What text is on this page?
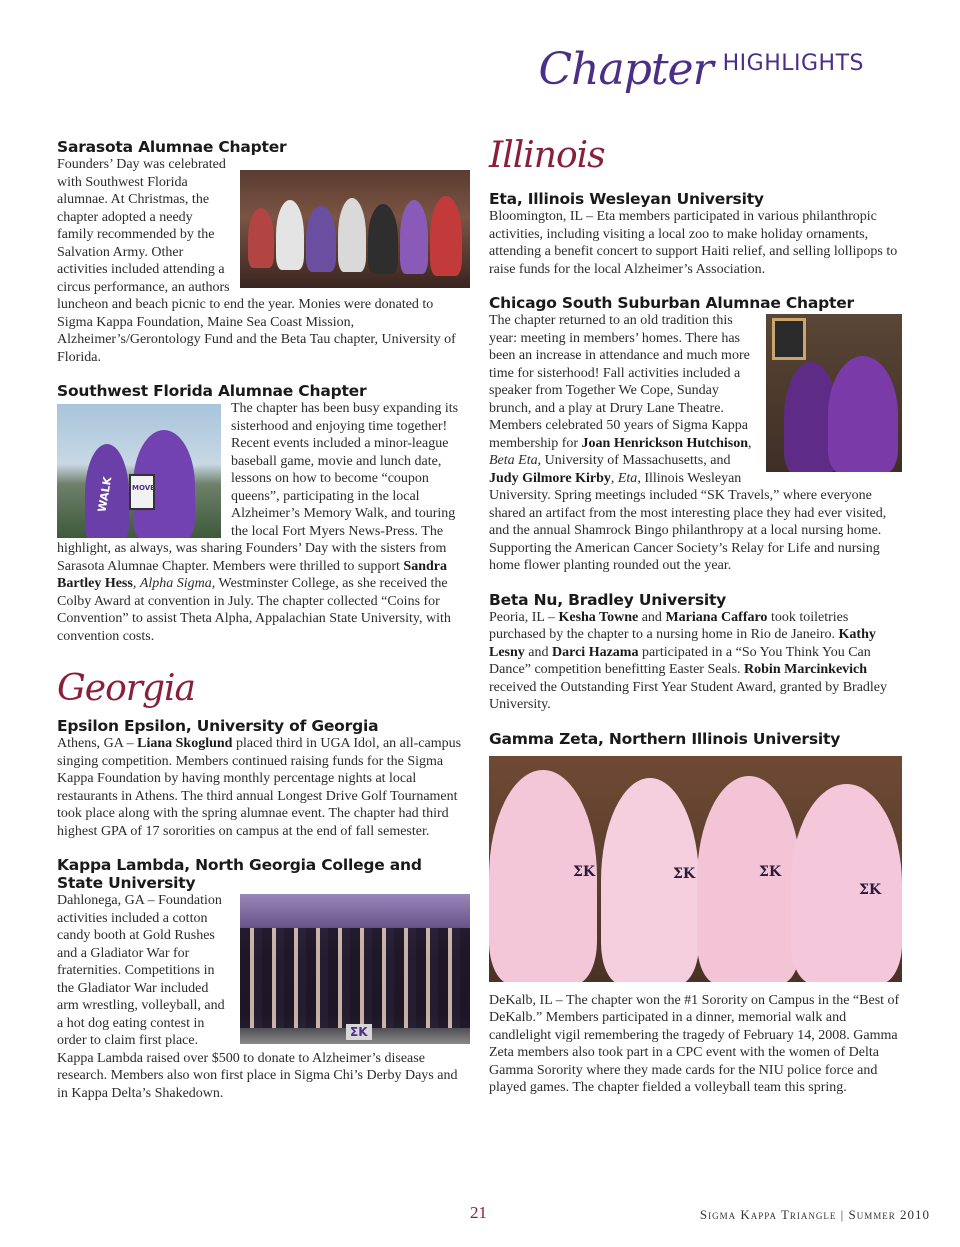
Chapter HIGHLIGHTS
Sarasota Alumnae Chapter

Founders’ Day was celebrated with Southwest Florida alumnae. At Christmas, the chapter adopted a needy family recommended by the Salvation Army. Other activities included attending a circus performance, an authors luncheon and beach picnic to end the year. Monies were donated to Sigma Kappa Foundation, Maine Sea Coast Mission, Alzheimer’s/Gerontology Fund and the Beta Tau chapter, University of Florida.

Southwest Florida Alumnae Chapter
WALK	MOVE

The chapter has been busy expanding its sisterhood and enjoying time together! Recent events included a minor-league baseball game, movie and lunch date, lessons on how to become “coupon queens”, participating in the local Alzheimer’s Memory Walk, and touring the local Fort Myers News-Press. The highlight, as always, was sharing Founders’ Day with the sisters from Sarasota Alumnae Chapter. Members were thrilled to support Sandra Bartley Hess, Alpha Sigma, Westminster College, as she received the Colby Award at convention in July. The chapter collected “Coins for Convention” to assist Theta Alpha, Appalachian State University, with convention costs.

Georgia
Epsilon Epsilon, University of Georgia

Athens, GA – Liana Skoglund placed third in UGA Idol, an all-campus singing competition. Members continued raising funds for the Sigma Kappa Foundation by having monthly percentage nights at local restaurants in Athens. The third annual Longest Drive Golf Tournament took place along with the spring alumnae event. The chapter had third highest GPA of 17 sororities on campus at the end of fall semester.

Kappa Lambda, North Georgia College and State University
ΣK

Dahlonega, GA – Foundation activities included a cotton candy booth at Gold Rushes and a Gladiator War for fraternities. Competitions in the Gladiator War included arm wrestling, volleyball, and a hot dog eating contest in order to claim first place. Kappa Lambda raised over $500 to donate to Alzheimer’s disease research. Members also won first place in Sigma Chi’s Derby Days and in Kappa Delta’s Shakedown.

Illinois
Eta, Illinois Wesleyan University

Bloomington, IL – Eta members participated in various philanthropic activities, including visiting a local zoo to make holiday ornaments, attending a benefit concert to support Haiti relief, and selling lollipops to raise funds for the local Alzheimer’s Association.

Chicago South Suburban Alumnae Chapter

The chapter returned to an old tradition this year: meeting in members’ homes. There has been an increase in attendance and much more time for sisterhood! Fall activities included a speaker from Together We Cope, Sunday brunch, and a play at Drury Lane Theatre. Members celebrated 50 years of Sigma Kappa membership for Joan Henrickson Hutchison, Beta Eta, University of Massachusetts, and Judy Gilmore Kirby, Eta, Illinois Wesleyan University. Spring meetings included “SK Travels,” where everyone shared an artifact from the most interesting place they had ever visited, and the annual Shamrock Bingo philanthropy at a local nursing home. Supporting the American Cancer Society’s Relay for Life and nursing home flower planting rounded out the year.

Beta Nu, Bradley University

Peoria, IL – Kesha Towne and Mariana Caffaro took toiletries purchased by the chapter to a nursing home in Rio de Janeiro. Kathy Lesny and Darci Hazama participated in a “So You Think You Can Dance” competition benefitting Easter Seals. Robin Marcinkevich received the Outstanding First Year Student Award, granted by Bradley University.

Gamma Zeta, Northern Illinois University
ΣK	ΣK	ΣK
ΣK

DeKalb, IL – The chapter won the #1 Sorority on Campus in the “Best of DeKalb.” Members participated in a dinner, memorial walk and candlelight vigil remembering the tragedy of February 14, 2008. Gamma Zeta members also took part in a CPC event with the women of Delta Gamma Sorority where they made cards for the NIU police force and played games. The chapter fielded a volleyball team this spring.

21	Sigma Kappa Triangle | Summer 2010
